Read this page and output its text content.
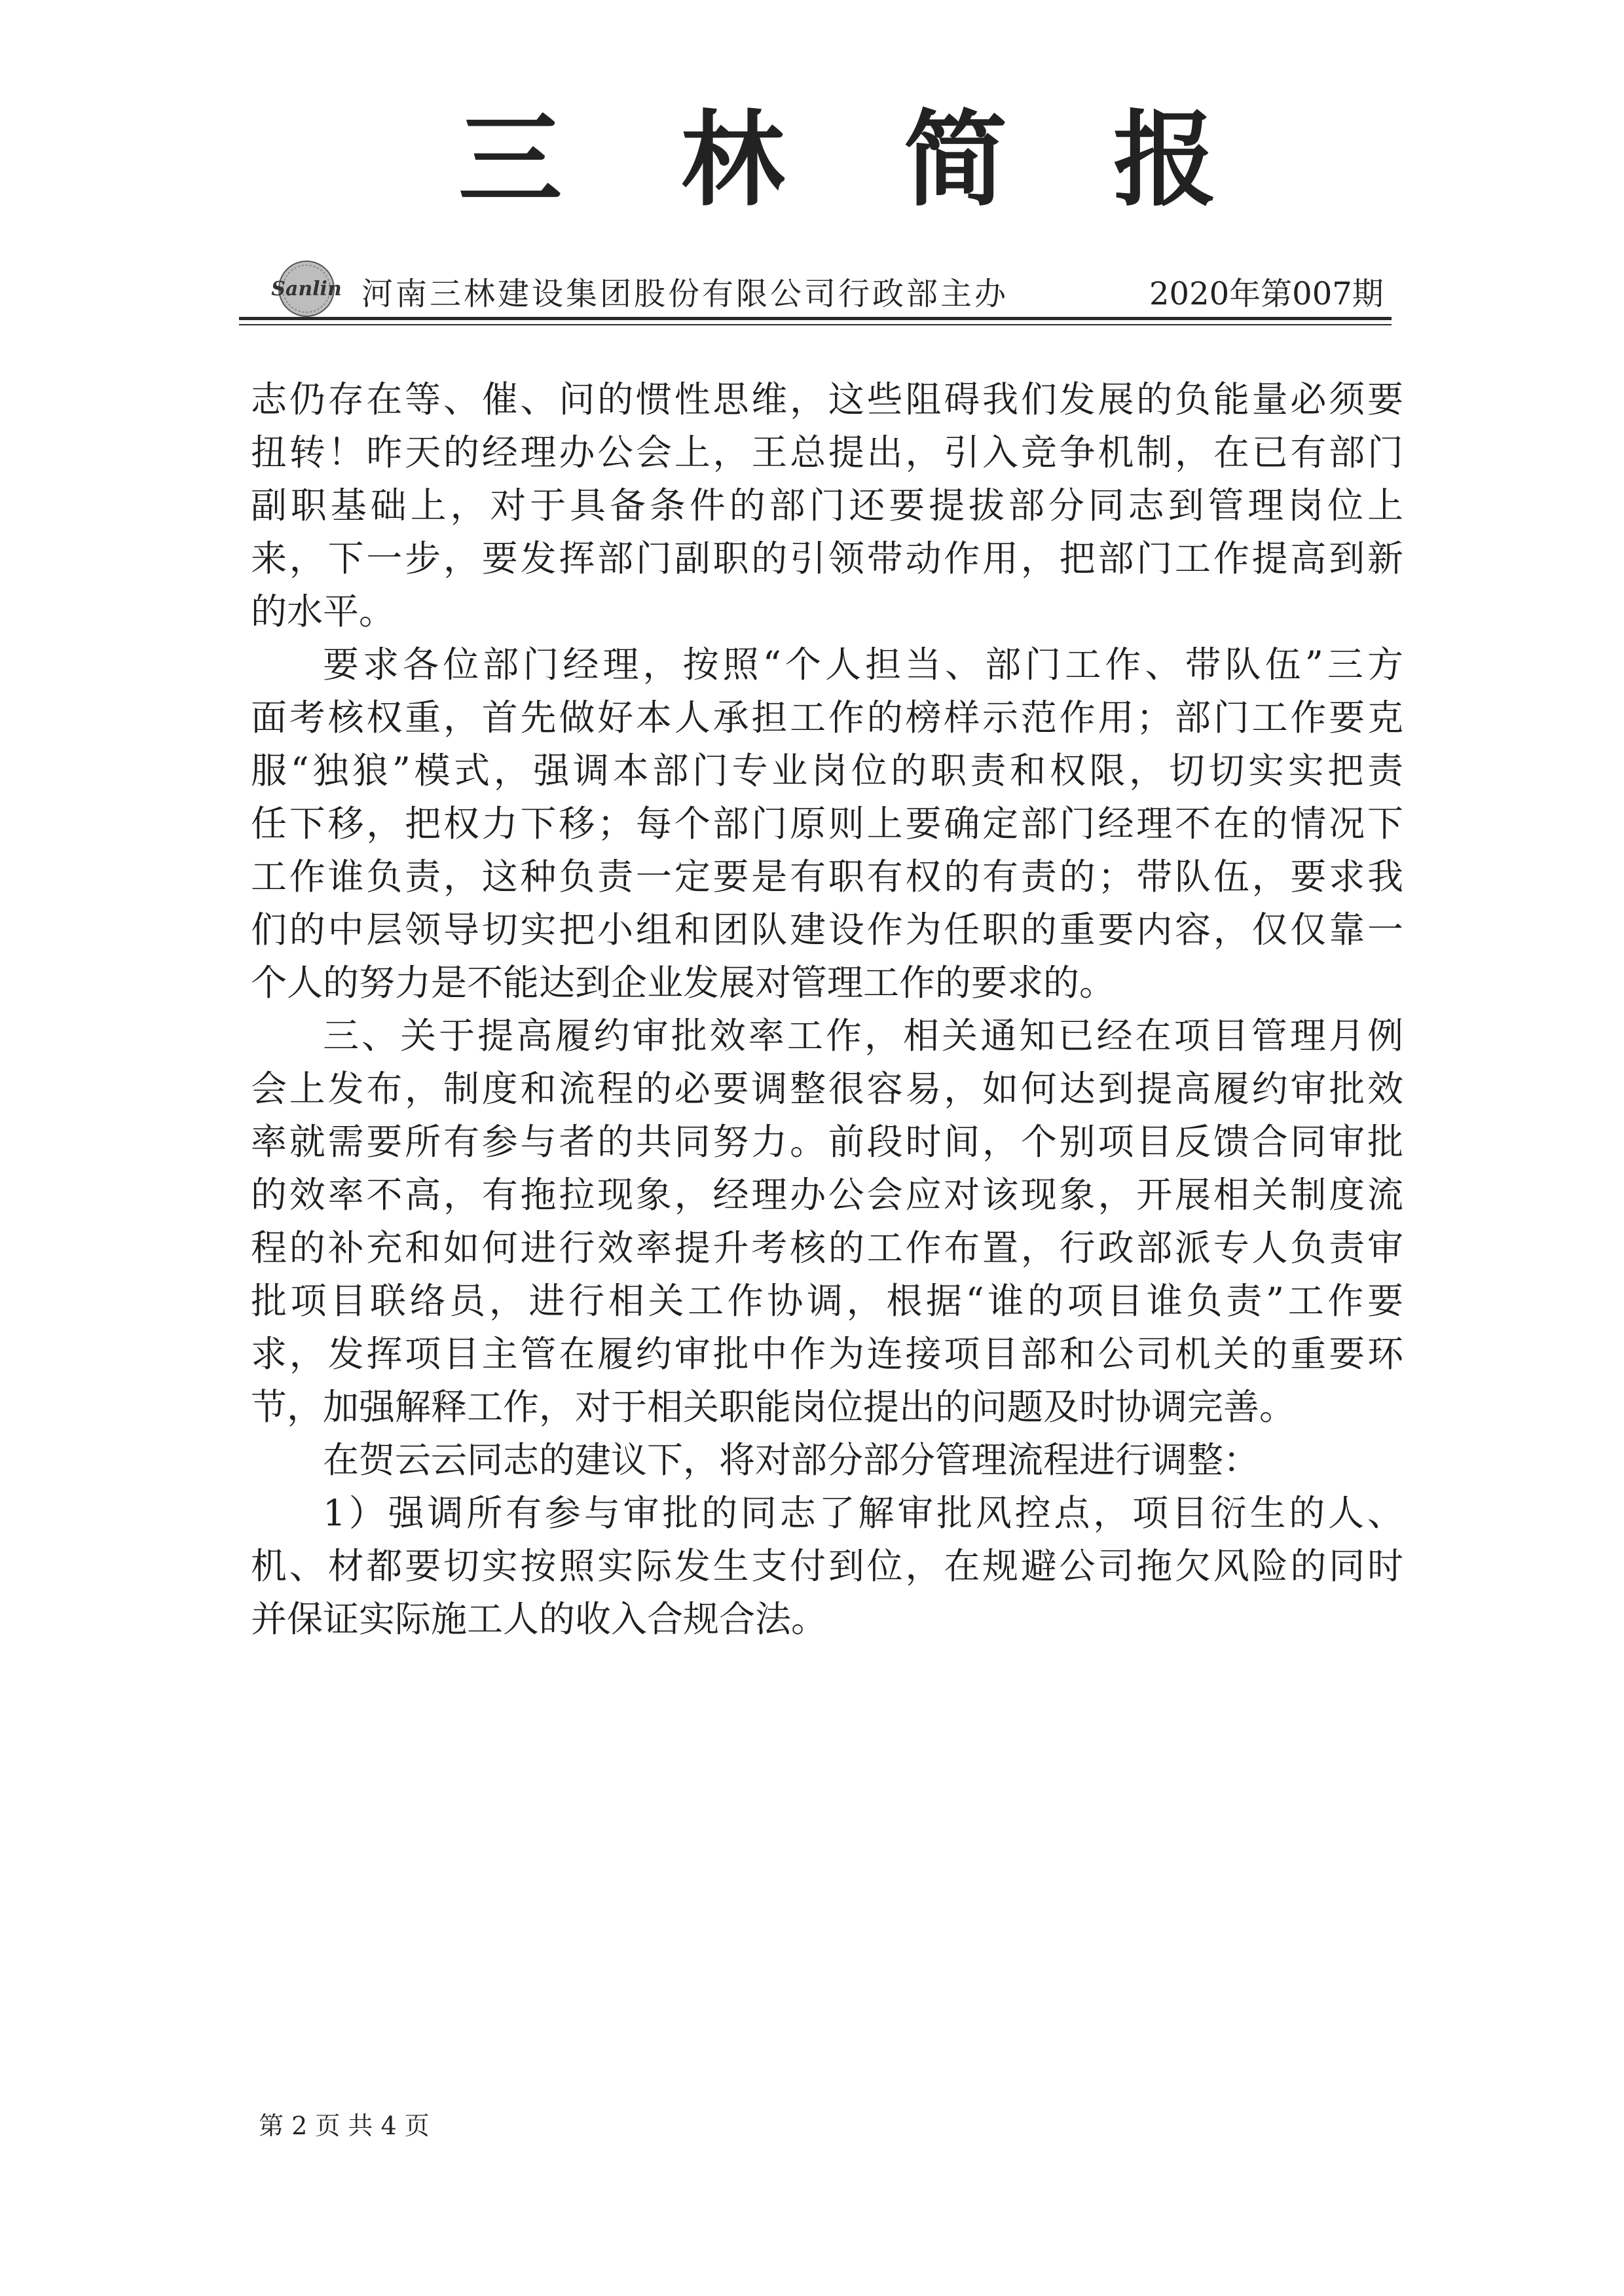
三 林 简 报
Sanlin 河南三林建设集团股份有限公司行政部主办	2020年第007期
志仍存在等、催、问的惯性思维，这些阻碍我们发展的负能量必须要
扭转！昨天的经理办公会上，王总提出，引入竞争机制，在已有部门
副职基础上，对于具备条件的部门还要提拔部分同志到管理岗位上
来，下一步，要发挥部门副职的引领带动作用，把部门工作提高到新
的水平。
要求各位部门经理，按照“个人担当、部门工作、带队伍”三方
面考核权重，首先做好本人承担工作的榜样示范作用；部门工作要克
服“独狼”模式，强调本部门专业岗位的职责和权限，切切实实把责
任下移，把权力下移；每个部门原则上要确定部门经理不在的情况下
工作谁负责，这种负责一定要是有职有权的有责的；带队伍，要求我
们的中层领导切实把小组和团队建设作为任职的重要内容，仅仅靠一
个人的努力是不能达到企业发展对管理工作的要求的。
三、关于提高履约审批效率工作，相关通知已经在项目管理月例
会上发布，制度和流程的必要调整很容易，如何达到提高履约审批效
率就需要所有参与者的共同努力。前段时间，个别项目反馈合同审批
的效率不高，有拖拉现象，经理办公会应对该现象，开展相关制度流
程的补充和如何进行效率提升考核的工作布置，行政部派专人负责审
批项目联络员，进行相关工作协调，根据“谁的项目谁负责”工作要
求，发挥项目主管在履约审批中作为连接项目部和公司机关的重要环
节，加强解释工作，对于相关职能岗位提出的问题及时协调完善。
在贺云云同志的建议下，将对部分部分管理流程进行调整：
1）强调所有参与审批的同志了解审批风控点，项目衍生的人、
机、材都要切实按照实际发生支付到位，在规避公司拖欠风险的同时
并保证实际施工人的收入合规合法。
第 2 页 共 4 页
